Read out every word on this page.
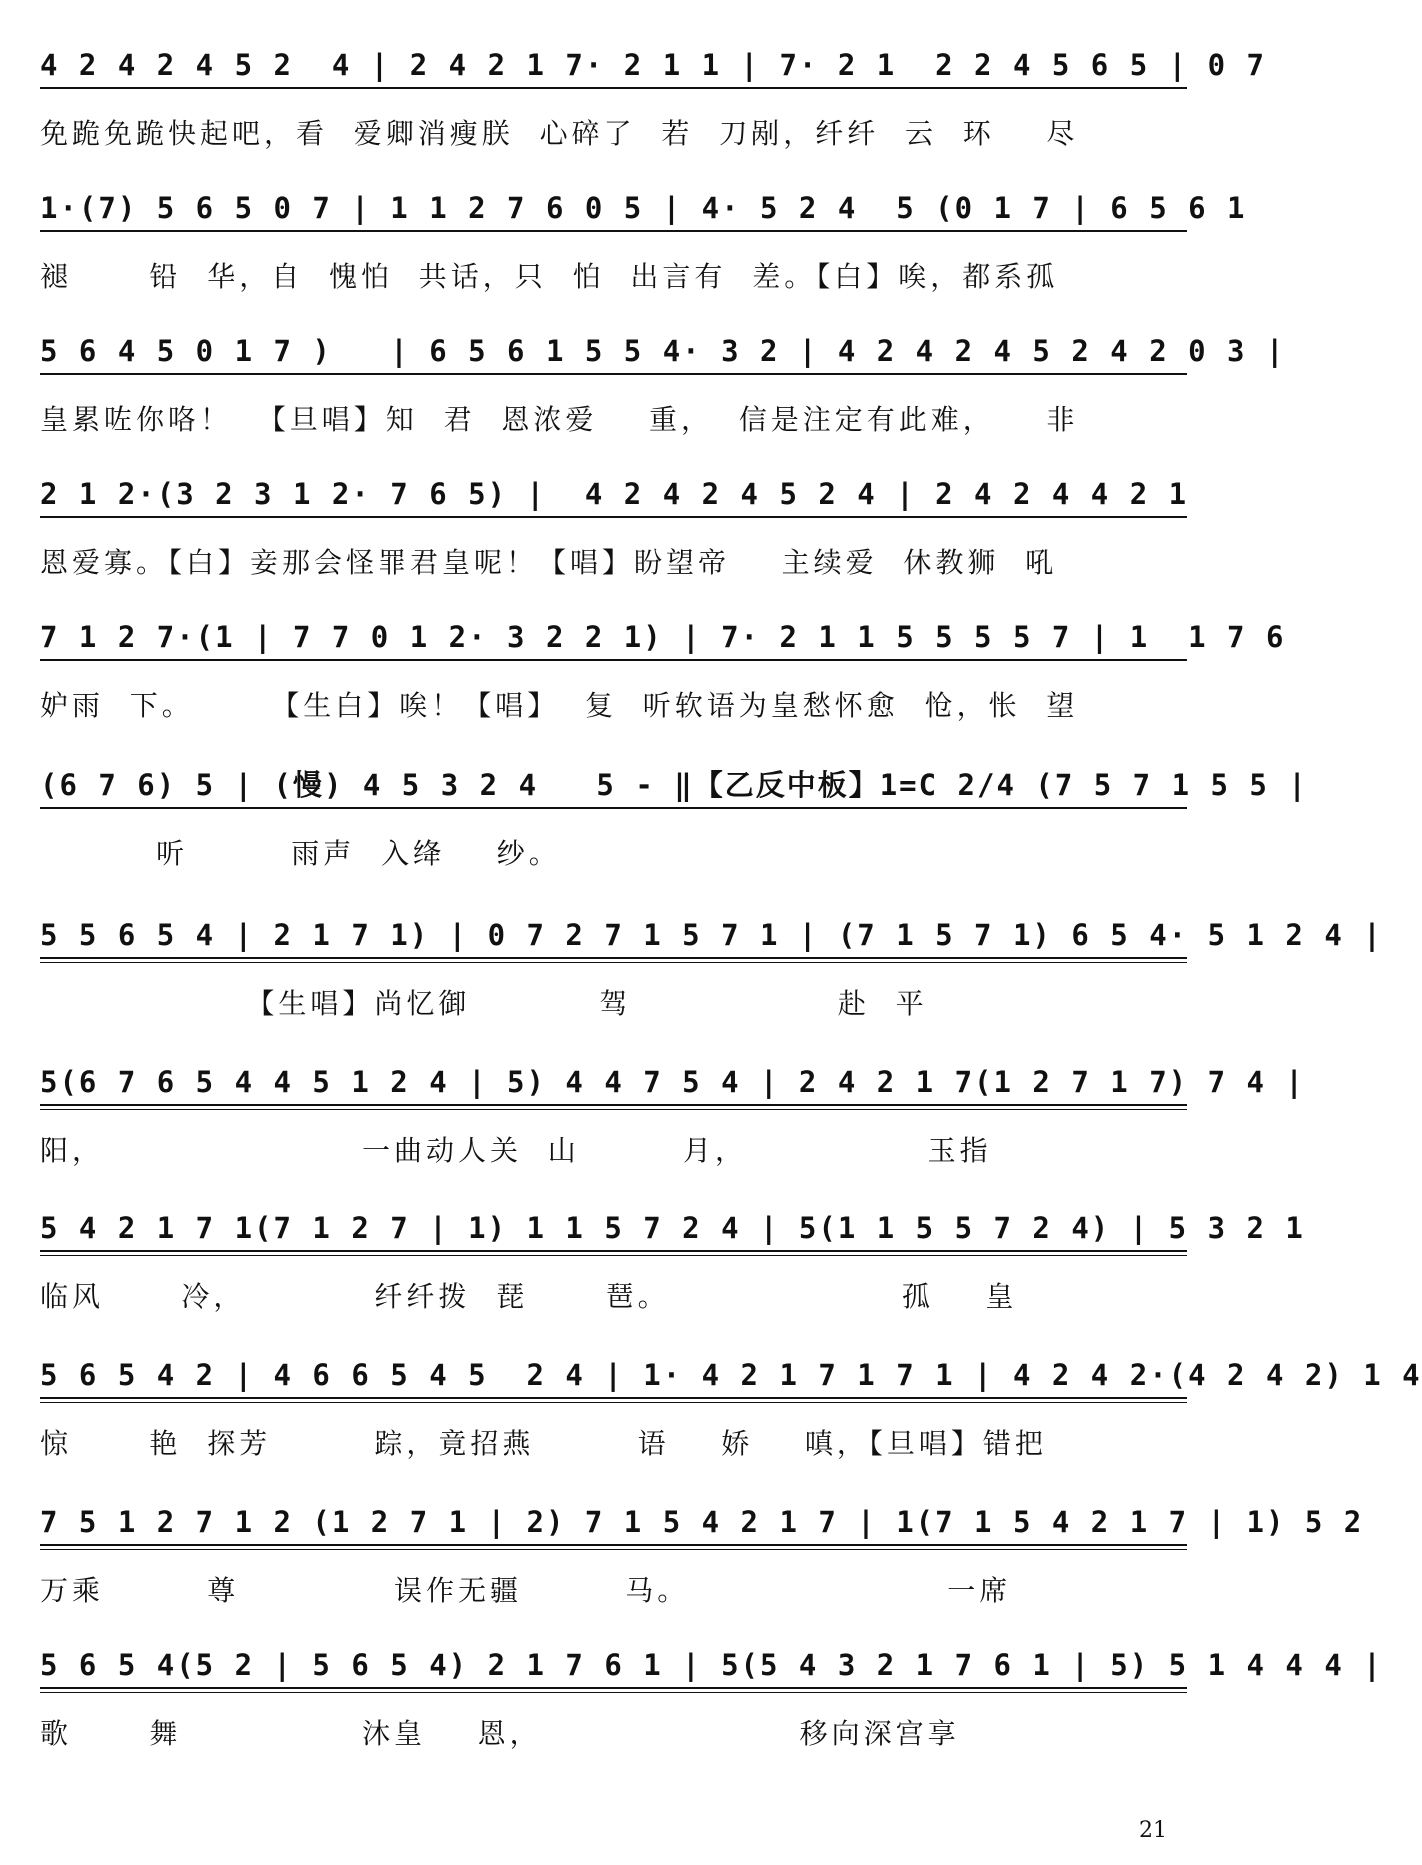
4 2 4 2 4 5 2  4 | 2 4 2 1 7· 2 1 1 | 7· 2 1  2 2 4 5 6 5 | 0 7
免跪免跪快起吧，看  爱卿消瘦朕  心碎了  若  刀剐，纤纤  云  环    尽
1·(7) 5 6 5 0 7 | 1 1 2 7 6 0 5 | 4· 5 2 4  5 (0 1 7 | 6 5 6 1
褪      铅  华，自  愧怕  共话，只  怕  出言有  差。【白】唉，都系孤
5 6 4 5 0 1 7 )   | 6 5 6 1 5 5 4· 3 2 | 4 2 4 2 4 5 2 4 2 0 3 |
皇累咗你咯！  【旦唱】知  君  恩浓爱    重，  信是注定有此难，    非
2 1 2·(3 2 3 1 2· 7 6 5) |  4 2 4 2 4 5 2 4 | 2 4 2 4 4 2 1
恩爱寡。【白】妾那会怪罪君皇呢！【唱】盼望帝    主续爱  休教狮  吼
7 1 2 7·(1 | 7 7 0 1 2· 3 2 2 1) | 7· 2 1 1 5 5 5 5 7 | 1  1 7 6
妒雨  下。      【生白】唉！【唱】  复  听软语为皇愁怀愈  怆，怅  望
(6 7 6) 5 | (慢) 4 5 3 2 4   5 - ‖【乙反中板】1=C 2/4 (7 5 7 1 5 5 |
听        雨声  入绛    纱。
5 5 6 5 4 | 2 1 7 1) | 0 7 2 7 1 5 7 1 | (7 1 5 7 1) 6 5 4· 5 1 2 4 |
【生唱】尚忆御          驾                赴  平
5(6 7 6 5 4 4 5 1 2 4 | 5) 4 4 7 5 4 | 2 4 2 1 7(1 2 7 1 7) 7 4 |
阳，                    一曲动人关  山        月，              玉指
5 4 2 1 7 1(7 1 2 7 | 1) 1 1 5 7 2 4 | 5(1 1 5 5 7 2 4) | 5 3 2 1
临风      冷，          纤纤拨  琵      琶。                  孤    皇
5 6 5 4 2 | 4 6 6 5 4 5  2 4 | 1· 4 2 1 7 1 7 1 | 4 2 4 2·(4 2 4 2) 1 4
惊      艳  探芳        踪，竟招燕        语    娇    嗔，【旦唱】错把
7 5 1 2 7 1 2 (1 2 7 1 | 2) 7 1 5 4 2 1 7 | 1(7 1 5 4 2 1 7 | 1) 5 2
万乘        尊            误作无疆        马。                    一席
5 6 5 4(5 2 | 5 6 5 4) 2 1 7 6 1 | 5(5 4 3 2 1 7 6 1 | 5) 5 1 4 4 4 |
歌      舞              沐皇    恩，                    移向深宫享
21
